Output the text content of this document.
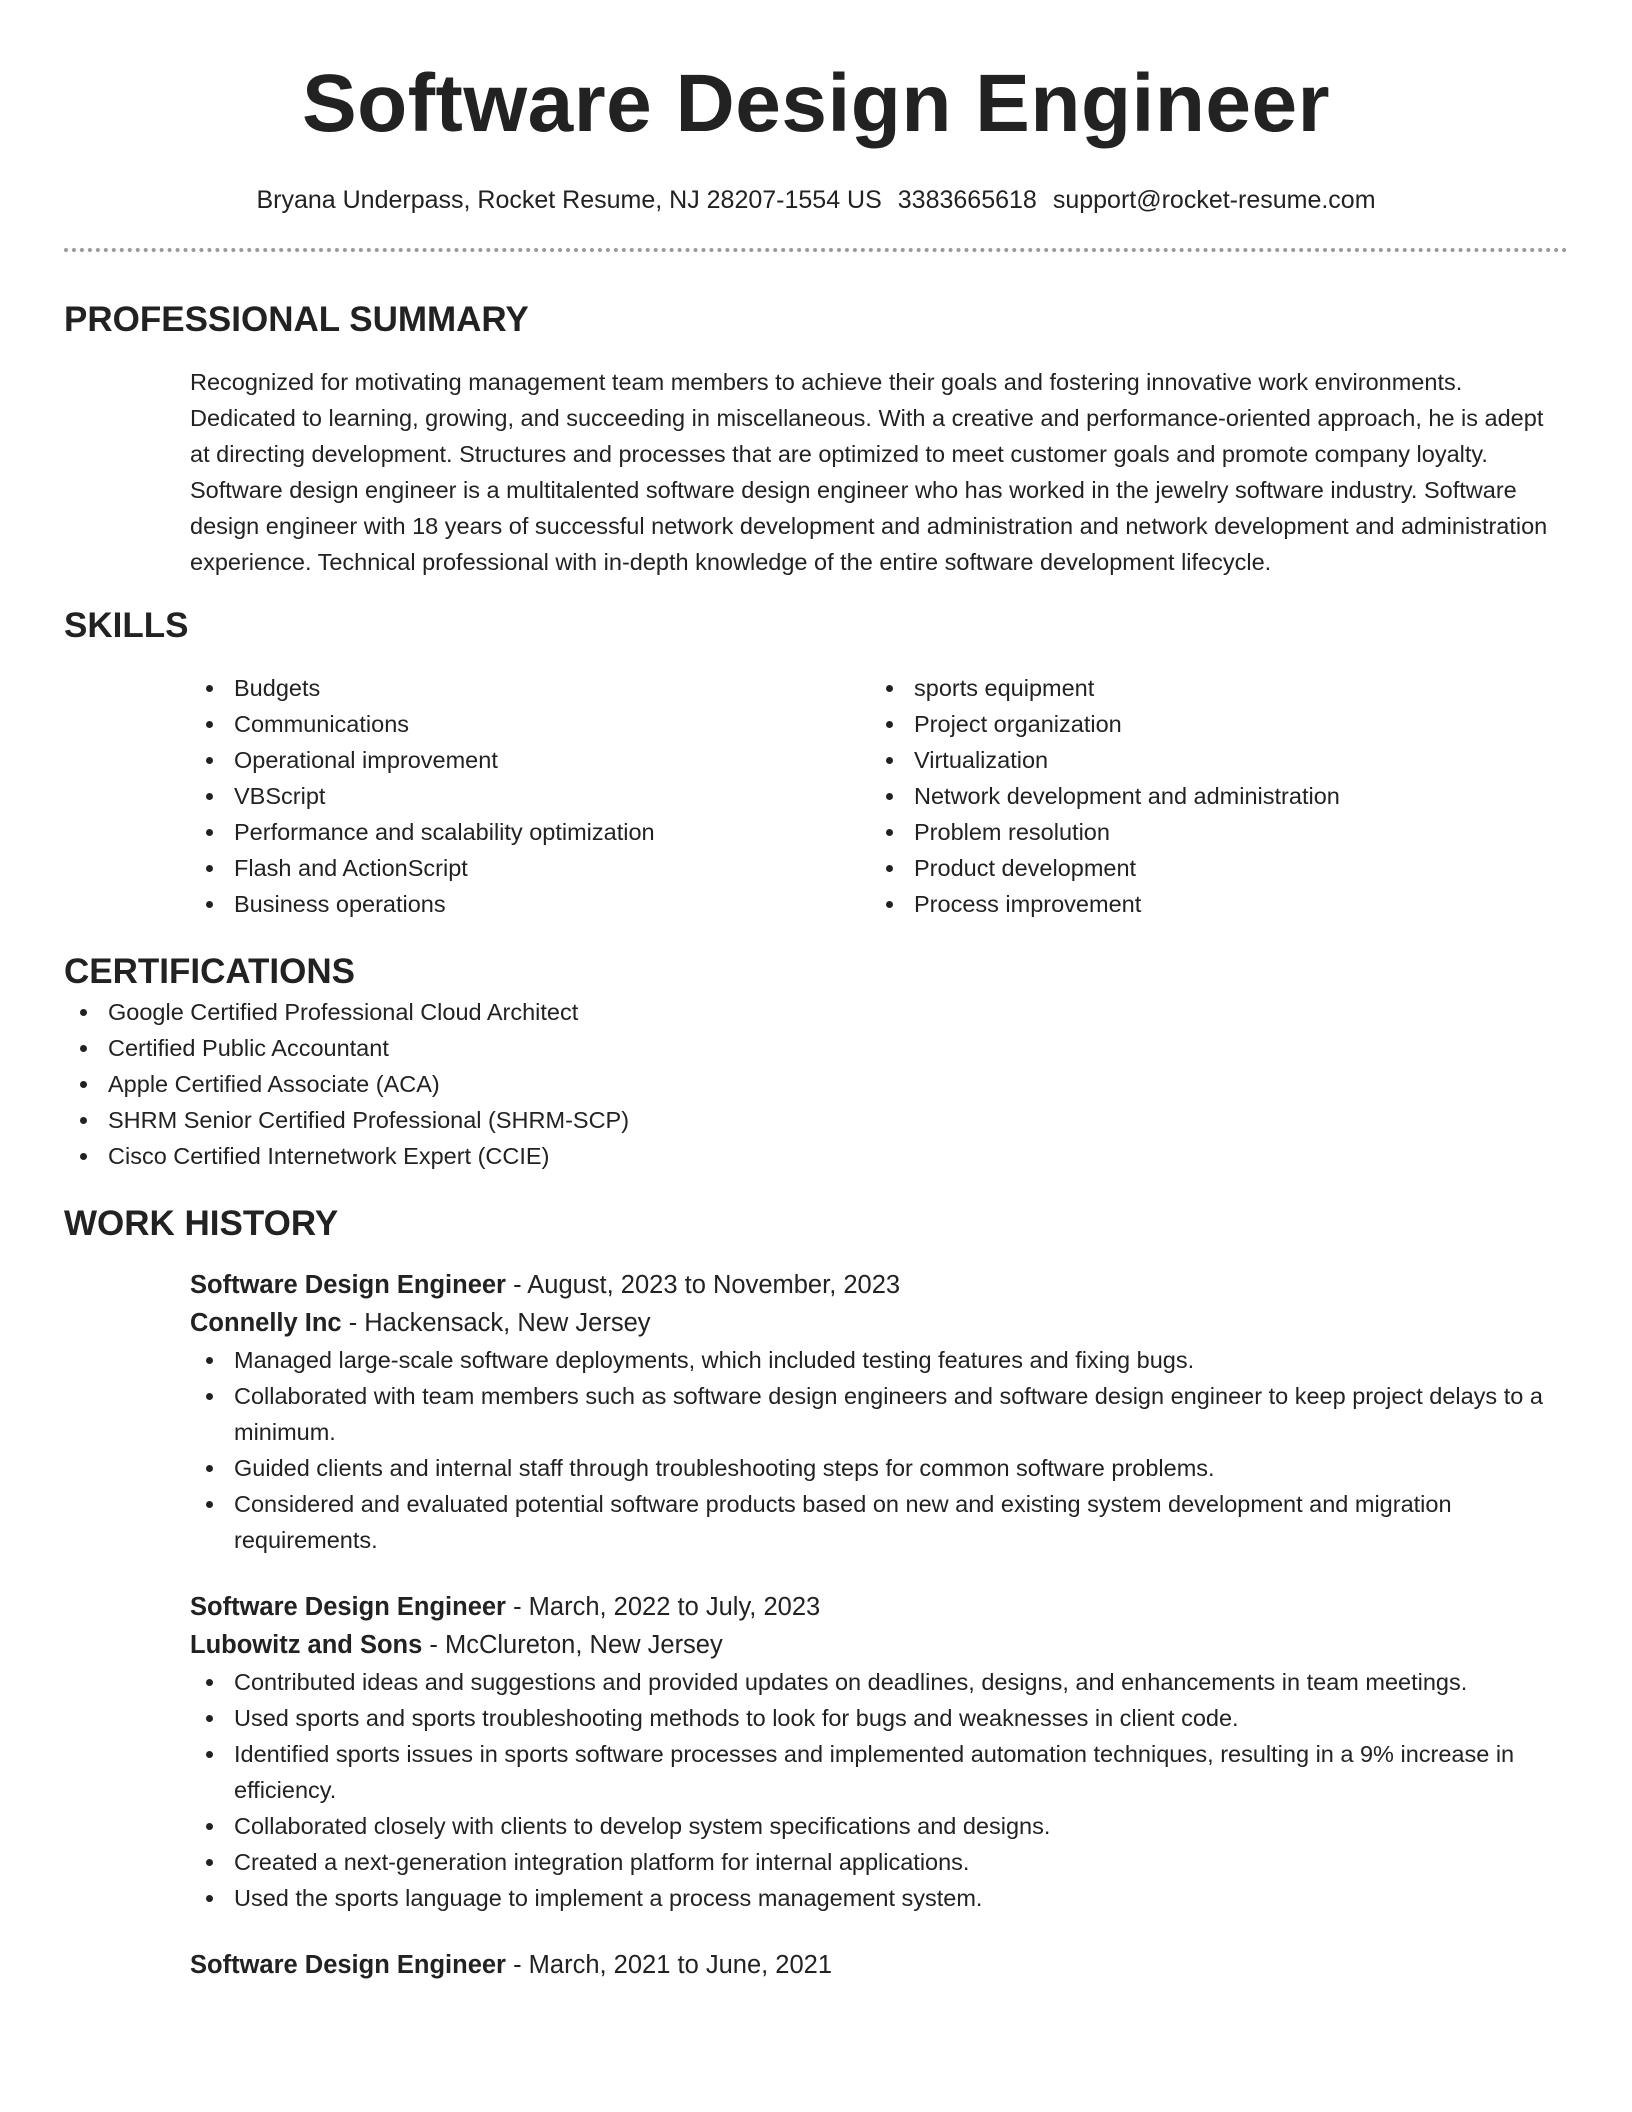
Software Design Engineer
Bryana Underpass, Rocket Resume, NJ 28207-1554 US 3383665618 support@rocket-resume.com
PROFESSIONAL SUMMARY
Recognized for motivating management team members to achieve their goals and fostering innovative work environments. Dedicated to learning, growing, and succeeding in miscellaneous. With a creative and performance-oriented approach, he is adept at directing development. Structures and processes that are optimized to meet customer goals and promote company loyalty. Software design engineer is a multitalented software design engineer who has worked in the jewelry software industry. Software design engineer with 18 years of successful network development and administration and network development and administration experience. Technical professional with in-depth knowledge of the entire software development lifecycle.
SKILLS
Budgets
Communications
Operational improvement
VBScript
Performance and scalability optimization
Flash and ActionScript
Business operations
sports equipment
Project organization
Virtualization
Network development and administration
Problem resolution
Product development
Process improvement
CERTIFICATIONS
Google Certified Professional Cloud Architect
Certified Public Accountant
Apple Certified Associate (ACA)
SHRM Senior Certified Professional (SHRM-SCP)
Cisco Certified Internetwork Expert (CCIE)
WORK HISTORY
Software Design Engineer - August, 2023 to November, 2023
Connelly Inc - Hackensack, New Jersey
Managed large-scale software deployments, which included testing features and fixing bugs.
Collaborated with team members such as software design engineers and software design engineer to keep project delays to a minimum.
Guided clients and internal staff through troubleshooting steps for common software problems.
Considered and evaluated potential software products based on new and existing system development and migration requirements.
Software Design Engineer - March, 2022 to July, 2023
Lubowitz and Sons - McClureton, New Jersey
Contributed ideas and suggestions and provided updates on deadlines, designs, and enhancements in team meetings.
Used sports and sports troubleshooting methods to look for bugs and weaknesses in client code.
Identified sports issues in sports software processes and implemented automation techniques, resulting in a 9% increase in efficiency.
Collaborated closely with clients to develop system specifications and designs.
Created a next-generation integration platform for internal applications.
Used the sports language to implement a process management system.
Software Design Engineer - March, 2021 to June, 2021
